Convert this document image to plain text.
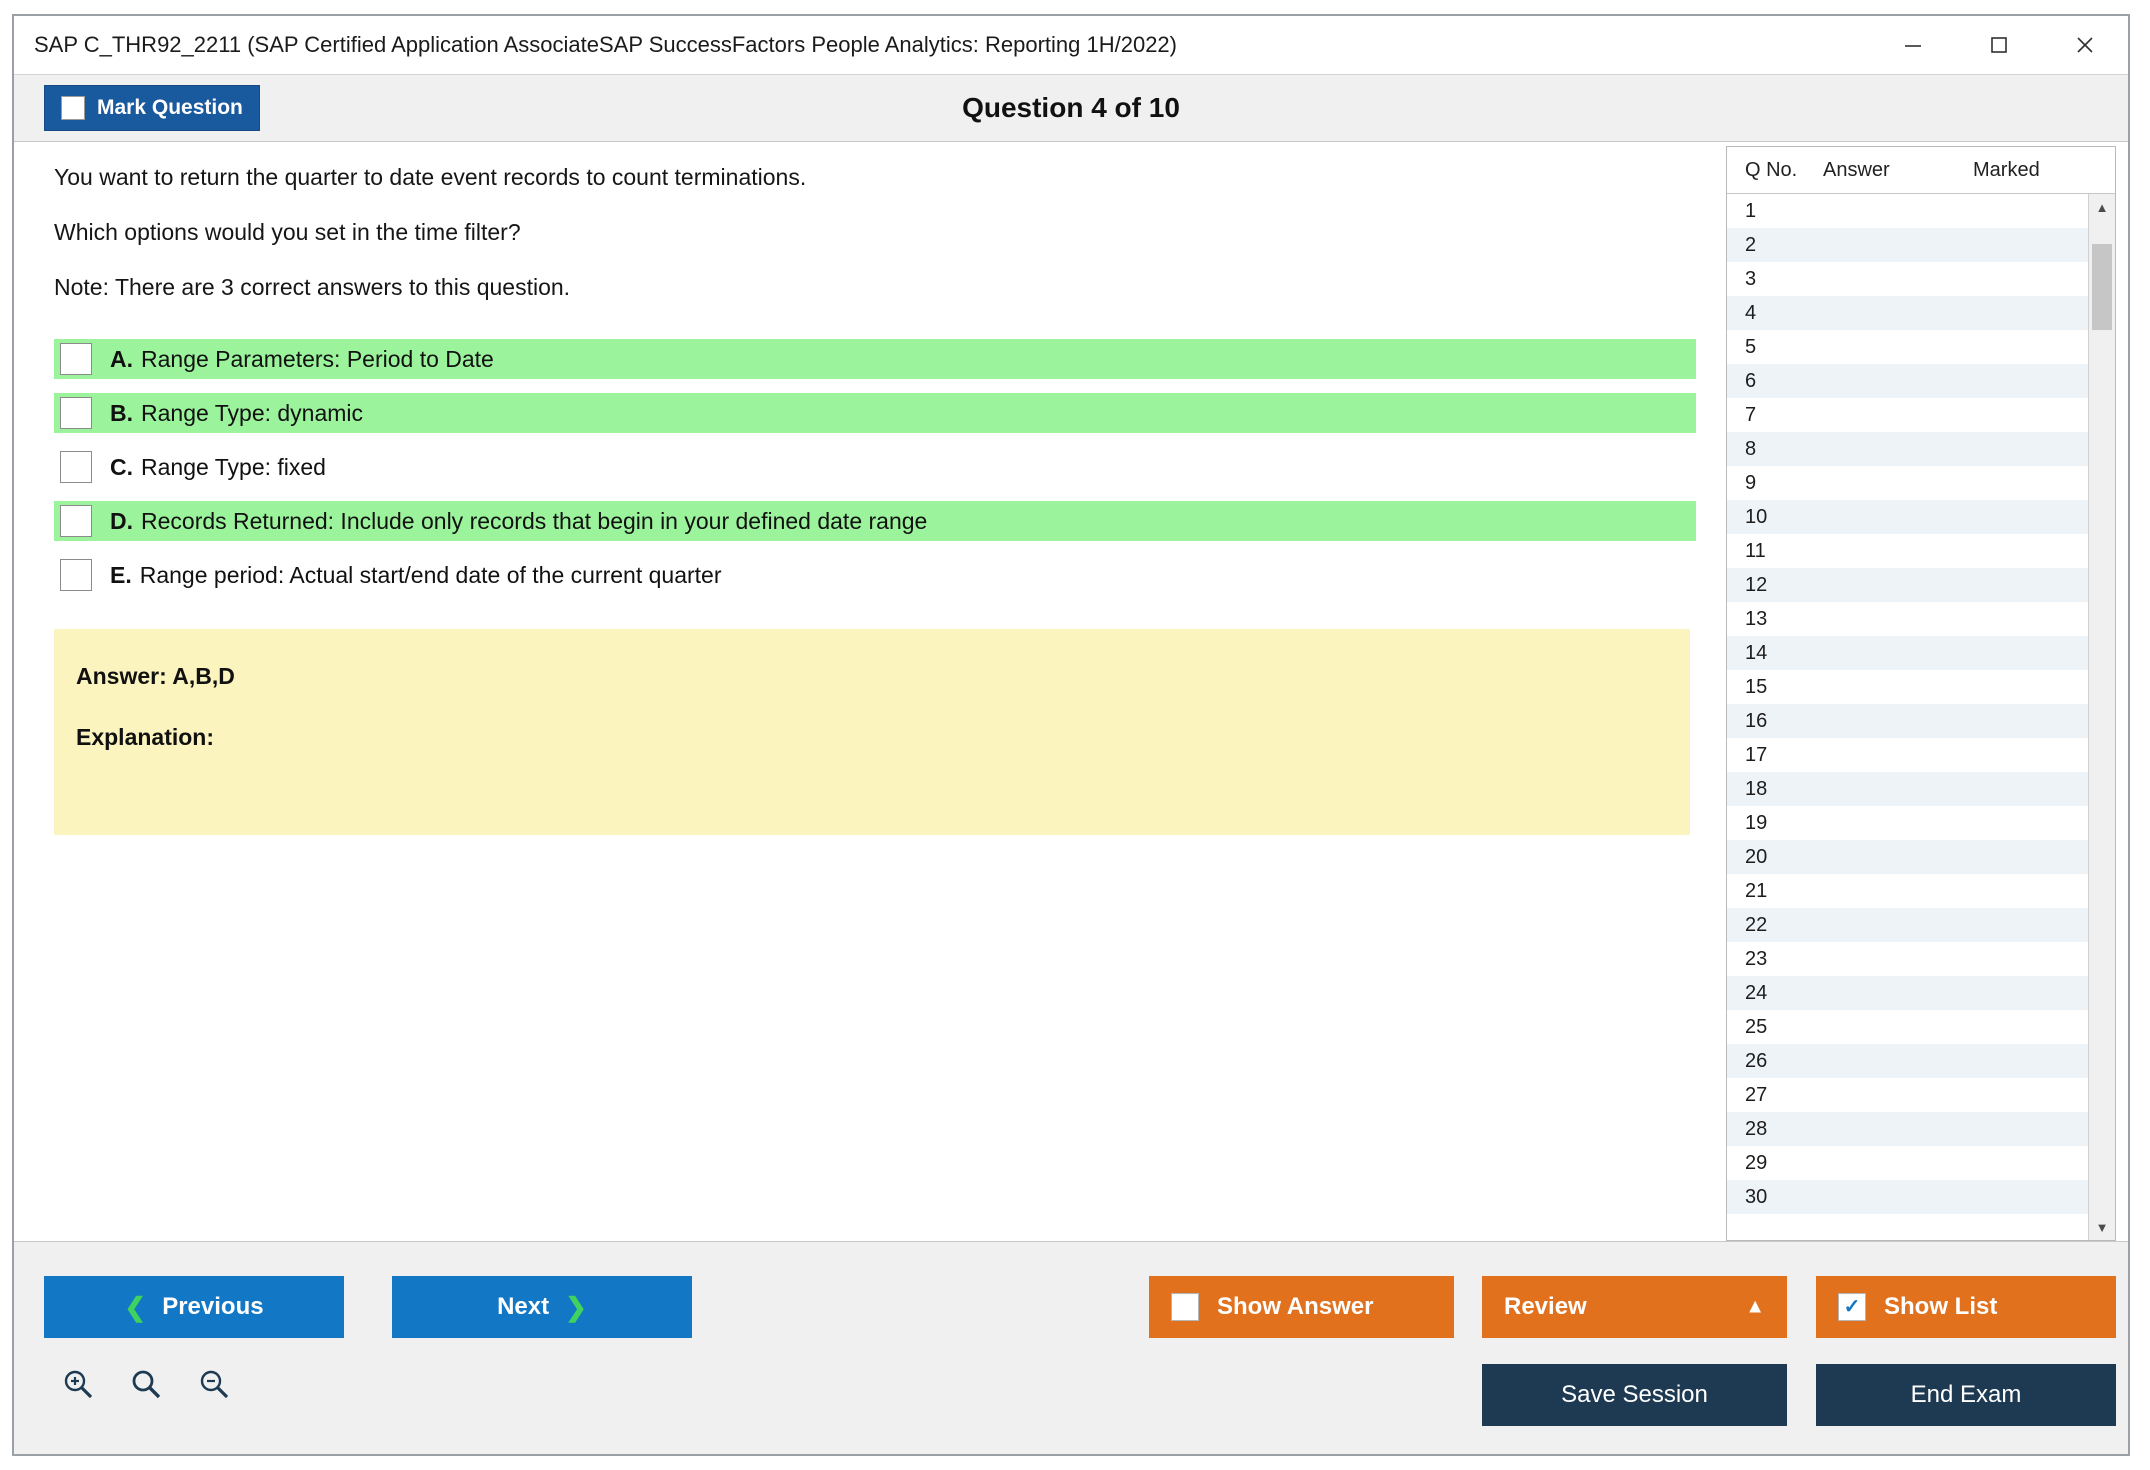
SAP C_THR92_2211 (SAP Certified Application AssociateSAP SuccessFactors People Analytics: Reporting 1H/2022)
Mark Question	Question 4 of 10
You want to return the quarter to date event records to count terminations.
Which options would you set in the time filter?
Note: There are 3 correct answers to this question.
A. Range Parameters: Period to Date
B. Range Type: dynamic
C. Range Type: fixed
D. Records Returned: Include only records that begin in your defined date range
E. Range period: Actual start/end date of the current quarter
Answer: A,B,D
Explanation:
Q No.	Answer	Marked
1
2
3
4
5
6
7
8
9
10
11
12
13
14
15
16
17
18
19
20
21
22
23
24
25
26
27
28
29
30
▲
▼
❮ Previous	Next ❯	Show Answer	Review	▲	✓ Show List
Save Session	End Exam
